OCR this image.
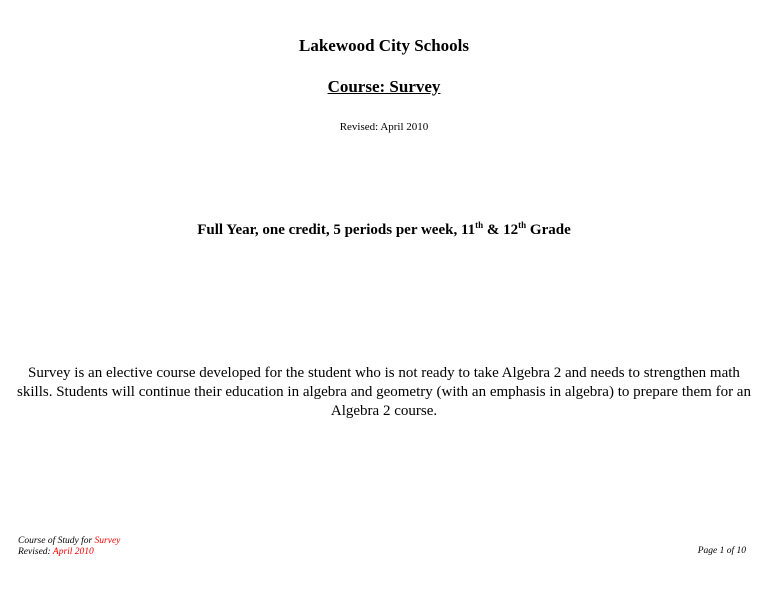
Lakewood City Schools
Course: Survey
Revised: April 2010
Full Year, one credit, 5 periods per week, 11th & 12th Grade
Survey is an elective course developed for the student who is not ready to take Algebra 2 and needs to strengthen math skills. Students will continue their education in algebra and geometry (with an emphasis in algebra) to prepare them for an Algebra 2 course.
Course of Study for Survey
Revised: April 2010	Page 1 of 10
